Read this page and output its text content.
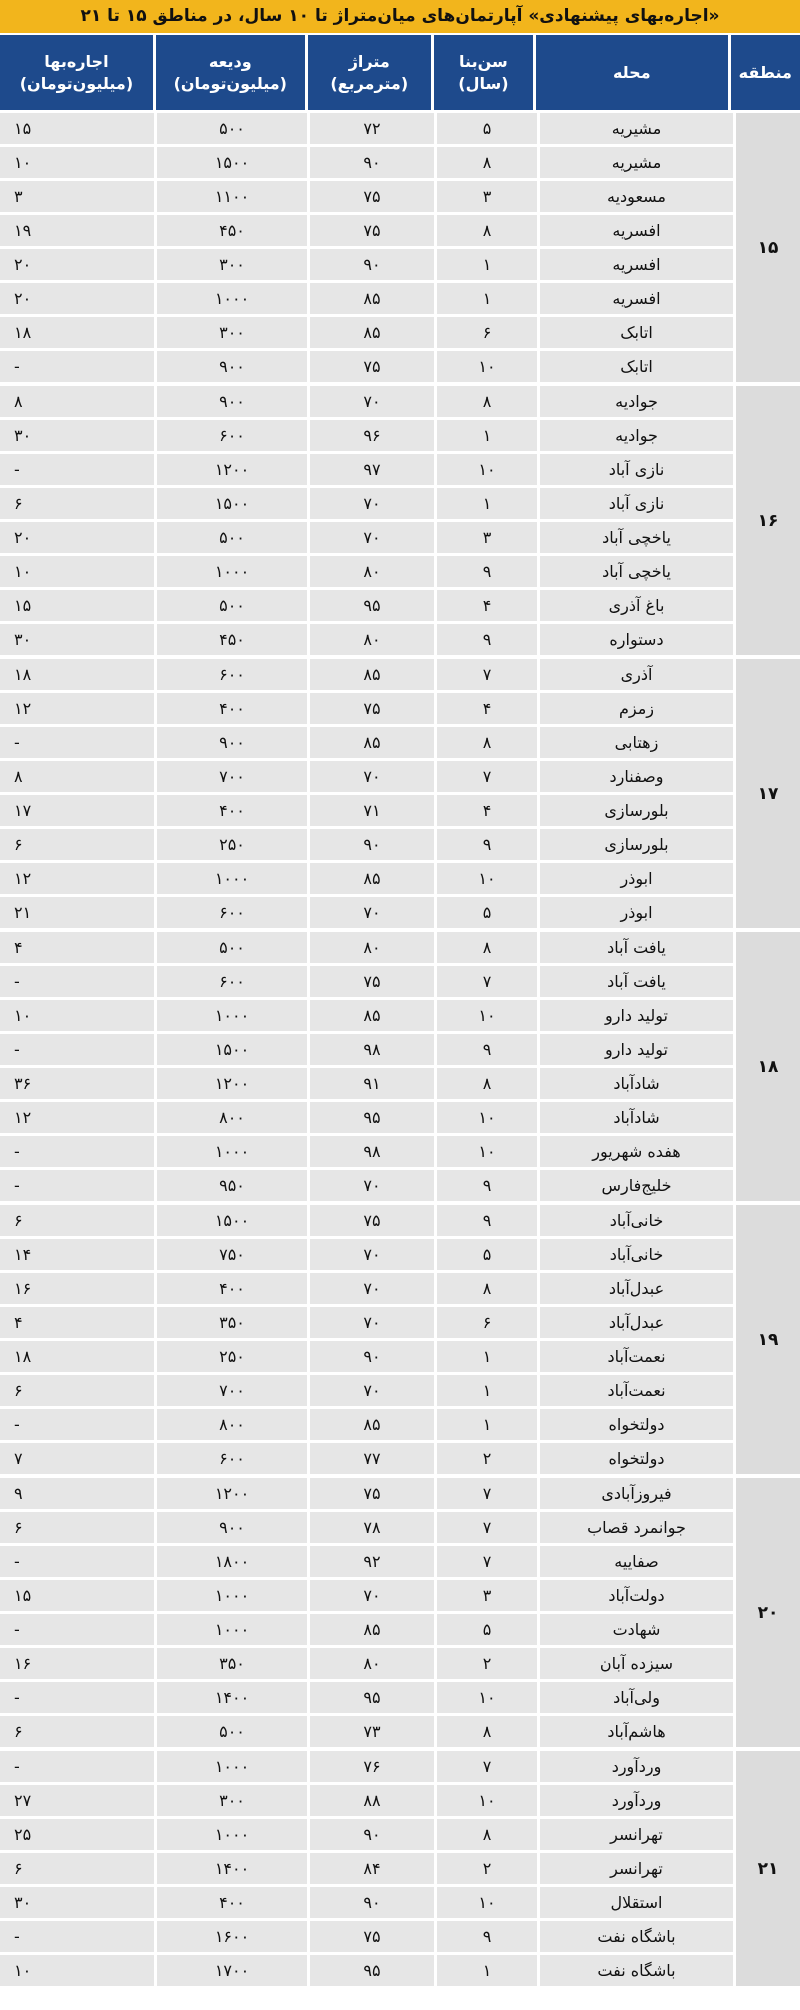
«اجاره‌بهای پیشنهادی» آپارتمان‌های میان‌متراژ تا ۱۰ سال، در مناطق ۱۵ تا ۲۱
منطقه
محله
سن‌بنا
(سال)
متراژ
(مترمربع)
ودیعه
(میلیون‌تومان)
اجاره‌بها
(میلیون‌تومان)
۱۵
مشیریه
۵
۷۲
۵۰۰
۱۵
مشیریه
۸
۹۰
۱۵۰۰
۱۰
مسعودیه
۳
۷۵
۱۱۰۰
۳
افسریه
۸
۷۵
۴۵۰
۱۹
افسریه
۱
۹۰
۳۰۰
۲۰
افسریه
۱
۸۵
۱۰۰۰
۲۰
اتابک
۶
۸۵
۳۰۰
۱۸
اتابک
۱۰
۷۵
۹۰۰
-
۱۶
جوادیه
۸
۷۰
۹۰۰
۸
جوادیه
۱
۹۶
۶۰۰
۳۰
نازی آباد
۱۰
۹۷
۱۲۰۰
-
نازی آباد
۱
۷۰
۱۵۰۰
۶
یاخچی آباد
۳
۷۰
۵۰۰
۲۰
یاخچی آباد
۹
۸۰
۱۰۰۰
۱۰
باغ آذری
۴
۹۵
۵۰۰
۱۵
دستواره
۹
۸۰
۴۵۰
۳۰
۱۷
آذری
۷
۸۵
۶۰۰
۱۸
زمزم
۴
۷۵
۴۰۰
۱۲
زهتابی
۸
۸۵
۹۰۰
-
وصفنارد
۷
۷۰
۷۰۰
۸
بلورسازی
۴
۷۱
۴۰۰
۱۷
بلورسازی
۹
۹۰
۲۵۰
۶
ابوذر
۱۰
۸۵
۱۰۰۰
۱۲
ابوذر
۵
۷۰
۶۰۰
۲۱
۱۸
یافت آباد
۸
۸۰
۵۰۰
۴
یافت آباد
۷
۷۵
۶۰۰
-
تولید دارو
۱۰
۸۵
۱۰۰۰
۱۰
تولید دارو
۹
۹۸
۱۵۰۰
-
شادآباد
۸
۹۱
۱۲۰۰
۳۶
شادآباد
۱۰
۹۵
۸۰۰
۱۲
هفده شهریور
۱۰
۹۸
۱۰۰۰
-
خلیج‌فارس
۹
۷۰
۹۵۰
-
۱۹
خانی‌آباد
۹
۷۵
۱۵۰۰
۶
خانی‌آباد
۵
۷۰
۷۵۰
۱۴
عبدل‌آباد
۸
۷۰
۴۰۰
۱۶
عبدل‌آباد
۶
۷۰
۳۵۰
۴
نعمت‌آباد
۱
۹۰
۲۵۰
۱۸
نعمت‌آباد
۱
۷۰
۷۰۰
۶
دولتخواه
۱
۸۵
۸۰۰
-
دولتخواه
۲
۷۷
۶۰۰
۷
۲۰
فیروزآبادی
۷
۷۵
۱۲۰۰
۹
جوانمرد قصاب
۷
۷۸
۹۰۰
۶
صفاییه
۷
۹۲
۱۸۰۰
-
دولت‌آباد
۳
۷۰
۱۰۰۰
۱۵
شهادت
۵
۸۵
۱۰۰۰
-
سیزده آبان
۲
۸۰
۳۵۰
۱۶
ولی‌آباد
۱۰
۹۵
۱۴۰۰
-
هاشم‌آباد
۸
۷۳
۵۰۰
۶
۲۱
وردآورد
۷
۷۶
۱۰۰۰
-
وردآورد
۱۰
۸۸
۳۰۰
۲۷
تهرانسر
۸
۹۰
۱۰۰۰
۲۵
تهرانسر
۲
۸۴
۱۴۰۰
۶
استقلال
۱۰
۹۰
۴۰۰
۳۰
باشگاه نفت
۹
۷۵
۱۶۰۰
-
باشگاه نفت
۱
۹۵
۱۷۰۰
۱۰
